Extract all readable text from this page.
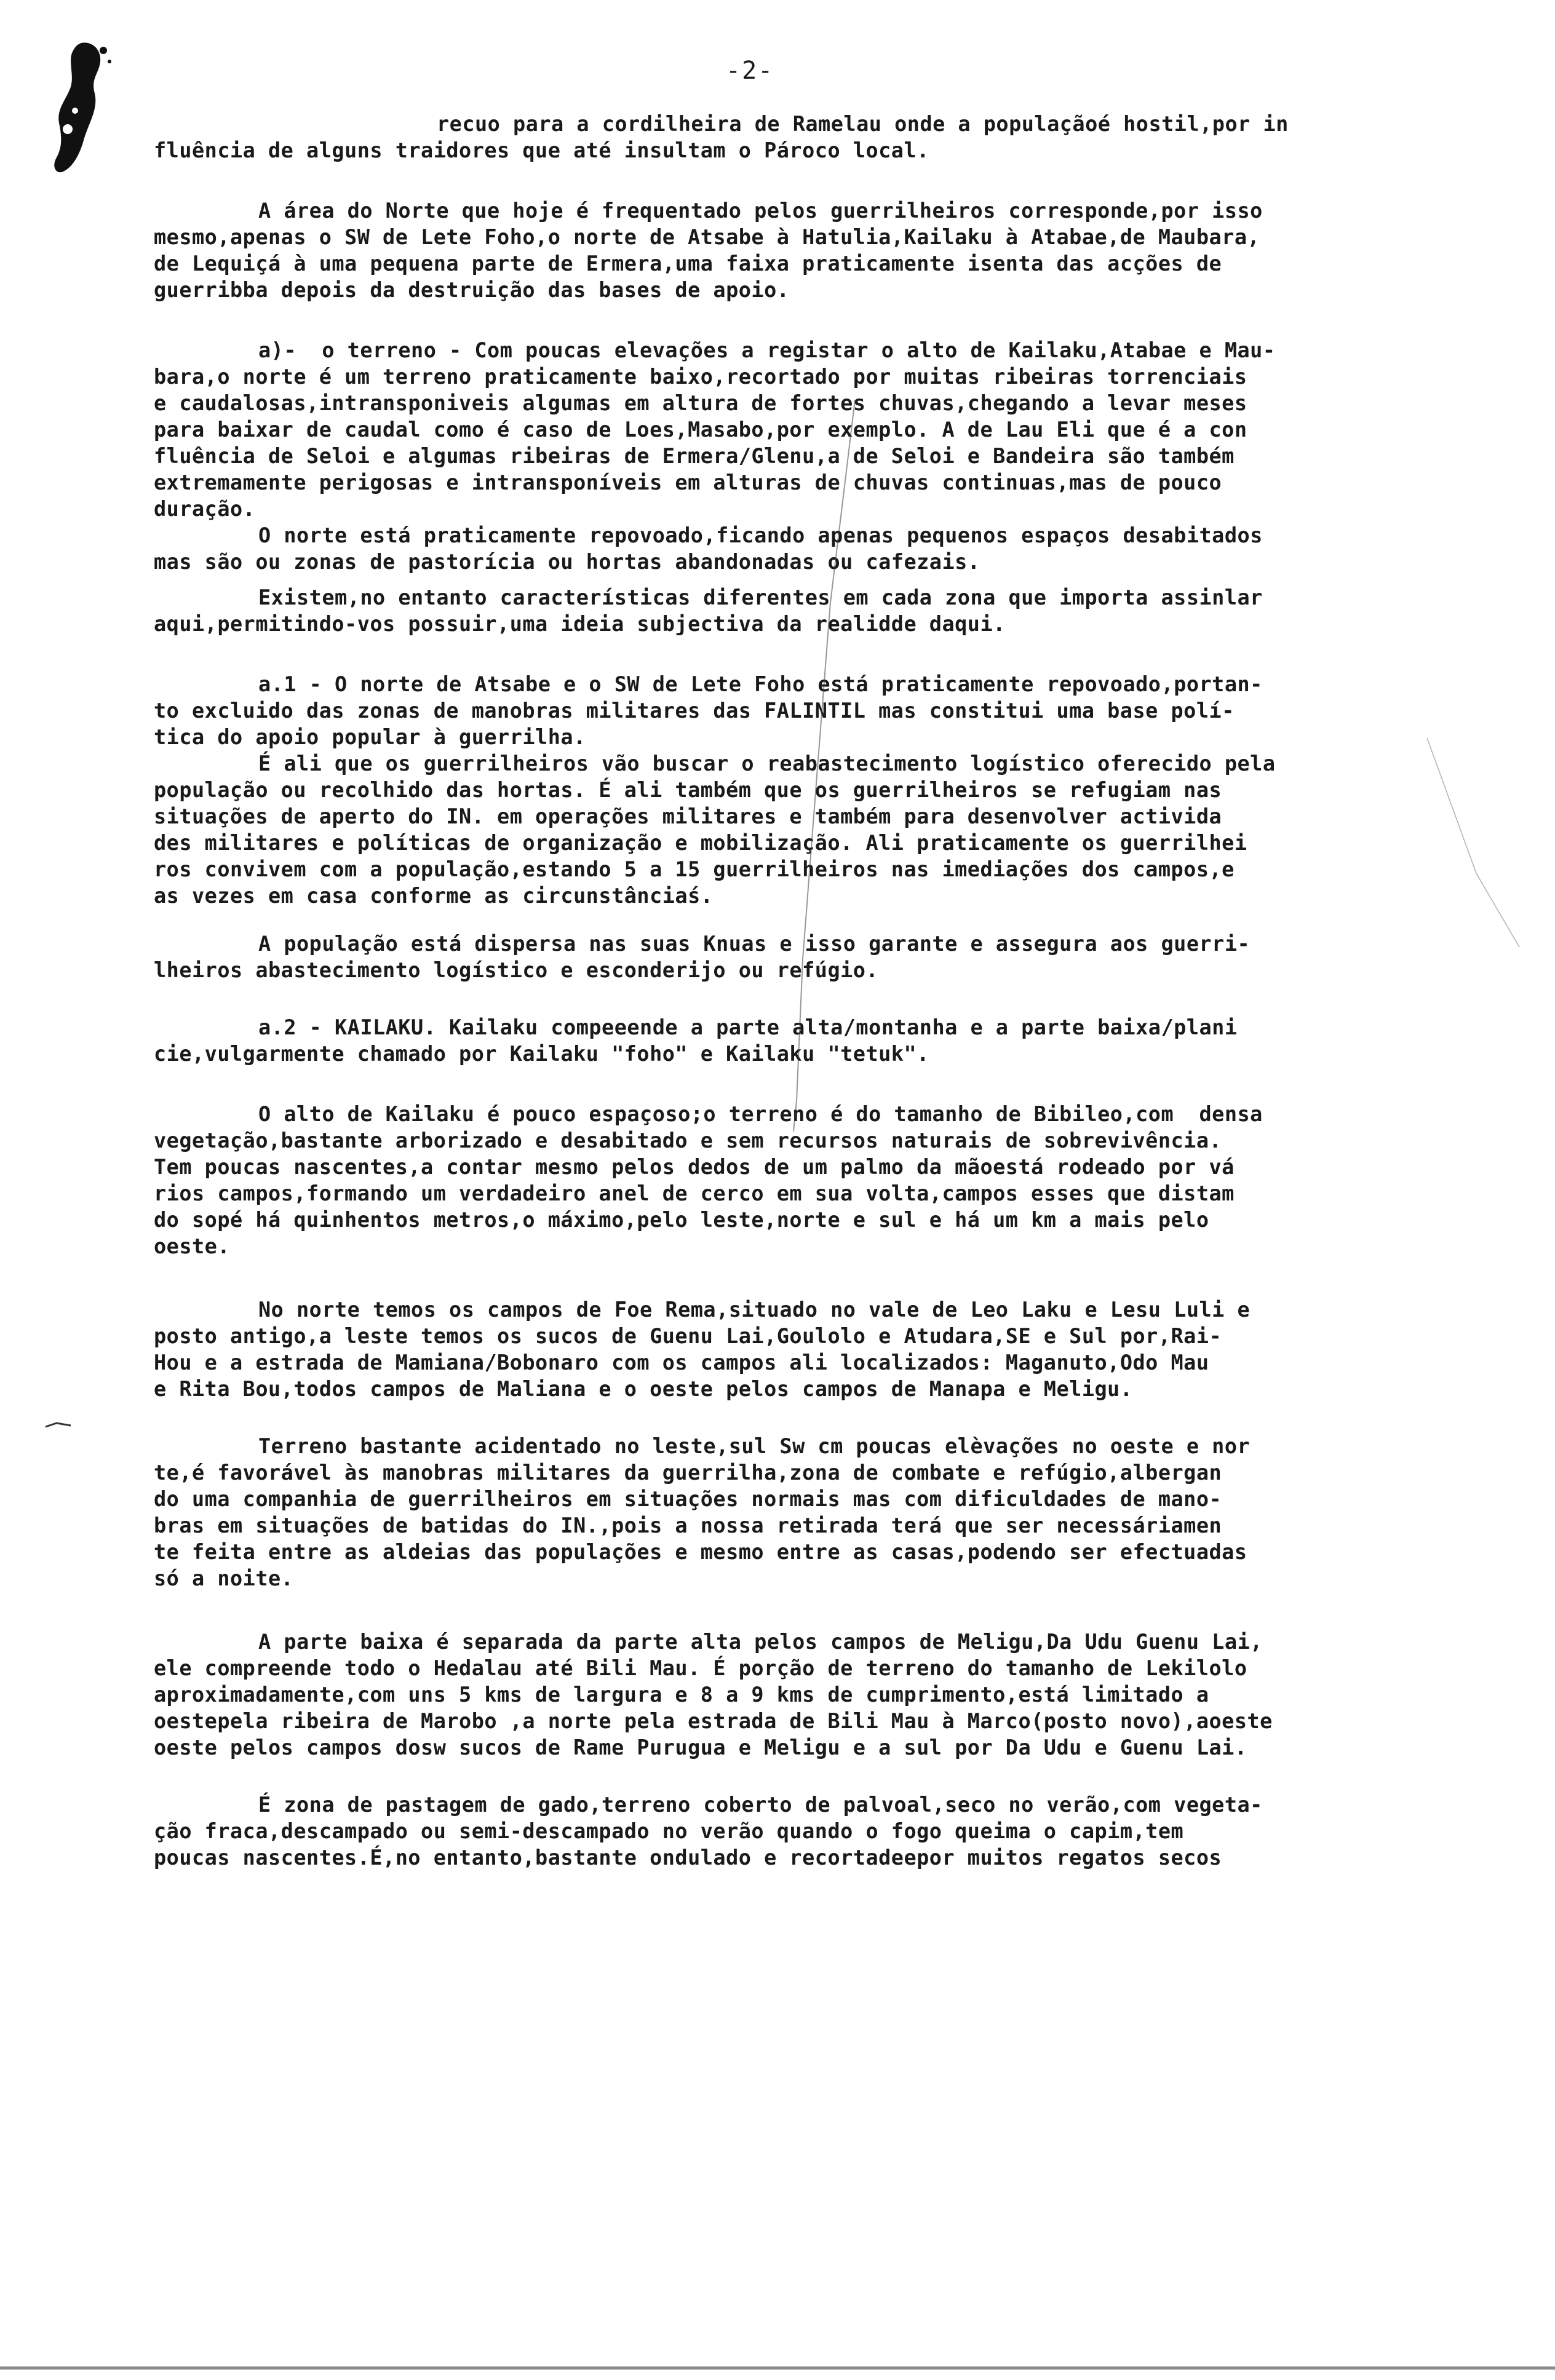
-2-
recuo para a cordilheira de Ramelau onde a populaçãoé hostil,por in
fluência de alguns traidores que até insultam o Pároco local.
A área do Norte que hoje é frequentado pelos guerrilheiros corresponde,por isso
mesmo,apenas o SW de Lete Foho,o norte de Atsabe à Hatulia,Kailaku à Atabae,de Maubara,
de Lequiçá à uma pequena parte de Ermera,uma faixa praticamente isenta das acções de
guerribba depois da destruição das bases de apoio.
a)-  o terreno - Com poucas elevações a registar o alto de Kailaku,Atabae e Mau-
bara,o norte é um terreno praticamente baixo,recortado por muitas ribeiras torrenciais
e caudalosas,intransponiveis algumas em altura de fortes chuvas,chegando a levar meses
para baixar de caudal como é caso de Loes,Masabo,por exemplo. A de Lau Eli que é a con
fluência de Seloi e algumas ribeiras de Ermera/Glenu,a de Seloi e Bandeira são também
extremamente perigosas e intransponíveis em alturas de chuvas continuas,mas de pouco
duração.
O norte está praticamente repovoado,ficando apenas pequenos espaços desabitados
mas são ou zonas de pastorícia ou hortas abandonadas ou cafezais.
Existem,no entanto características diferentes em cada zona que importa assinlar
aqui,permitindo-vos possuir,uma ideia subjectiva da realidde daqui.
a.1 - O norte de Atsabe e o SW de Lete Foho está praticamente repovoado,portan-
to excluido das zonas de manobras militares das FALINTIL mas constitui uma base polí-
tica do apoio popular à guerrilha.
É ali que os guerrilheiros vão buscar o reabastecimento logístico oferecido pela
população ou recolhido das hortas. É ali também que os guerrilheiros se refugiam nas
situações de aperto do IN. em operações militares e também para desenvolver activida
des militares e políticas de organização e mobilização. Ali praticamente os guerrilhei
ros convivem com a população,estando 5 a 15 guerrilheiros nas imediações dos campos,e
as vezes em casa conforme as circunstânciaś.
A população está dispersa nas suas Knuas e isso garante e assegura aos guerri-
lheiros abastecimento logístico e esconderijo ou refúgio.
a.2 - KAILAKU. Kailaku compeeende a parte alta/montanha e a parte baixa/plani
cie,vulgarmente chamado por Kailaku "foho" e Kailaku "tetuk".
O alto de Kailaku é pouco espaçoso;o terreno é do tamanho de Bibileo,com  densa
vegetação,bastante arborizado e desabitado e sem recursos naturais de sobrevivência.
Tem poucas nascentes,a contar mesmo pelos dedos de um palmo da mãoestá rodeado por vá
rios campos,formando um verdadeiro anel de cerco em sua volta,campos esses que distam
do sopé há quinhentos metros,o máximo,pelo leste,norte e sul e há um km a mais pelo
oeste.
No norte temos os campos de Foe Rema,situado no vale de Leo Laku e Lesu Luli e
posto antigo,a leste temos os sucos de Guenu Lai,Goulolo e Atudara,SE e Sul por,Rai-
Hou e a estrada de Mamiana/Bobonaro com os campos ali localizados: Maganuto,Odo Mau
e Rita Bou,todos campos de Maliana e o oeste pelos campos de Manapa e Meligu.
Terreno bastante acidentado no leste,sul Sw cm poucas elèvações no oeste e nor
te,é favorável às manobras militares da guerrilha,zona de combate e refúgio,albergan
do uma companhia de guerrilheiros em situações normais mas com dificuldades de mano-
bras em situações de batidas do IN.,pois a nossa retirada terá que ser necessáriamen
te feita entre as aldeias das populações e mesmo entre as casas,podendo ser efectuadas
só a noite.
A parte baixa é separada da parte alta pelos campos de Meligu,Da Udu Guenu Lai,
ele compreende todo o Hedalau até Bili Mau. É porção de terreno do tamanho de Lekilolo
aproximadamente,com uns 5 kms de largura e 8 a 9 kms de cumprimento,está limitado a
oestepela ribeira de Marobo ,a norte pela estrada de Bili Mau à Marco(posto novo),aoeste
oeste pelos campos dosw sucos de Rame Purugua e Meligu e a sul por Da Udu e Guenu Lai.
É zona de pastagem de gado,terreno coberto de palvoal,seco no verão,com vegeta-
ção fraca,descampado ou semi-descampado no verão quando o fogo queima o capim,tem
poucas nascentes.É,no entanto,bastante ondulado e recortadeepor muitos regatos secos
